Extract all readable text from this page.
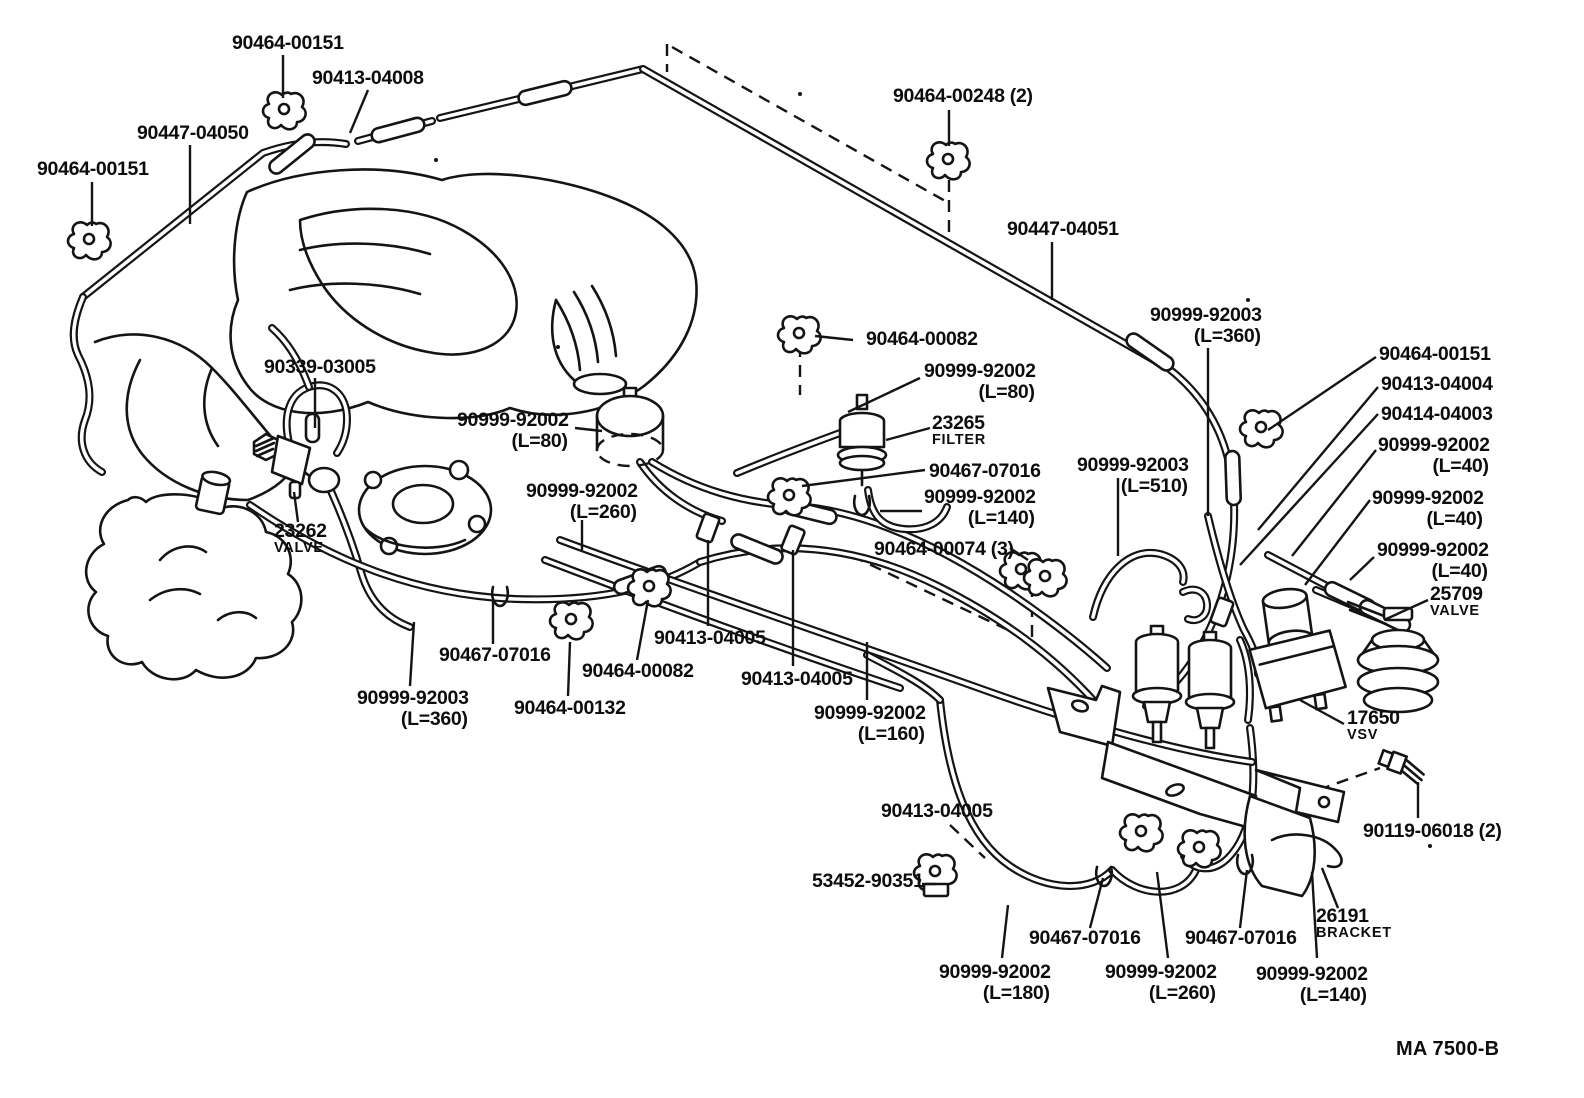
90464-00151
90413-04008
90447-04050
90464-00151
90464-00248 (2)
90447-04051
90999-92003
(L=360)
90464-00151
90413-04004
90414-04003
90999-92002
(L=40)
90999-92002
(L=40)
90999-92002
(L=40)
25709
VALVE
90464-00082
90999-92002
(L=80)
23265
FILTER
90467-07016
90999-92002
(L=140)
90464-00074 (3)
90999-92003
(L=510)
90339-03005
90999-92002
(L=80)
90999-92002
(L=260)
23262
VALVE
90467-07016
90464-00082
90413-04005
90413-04005
90999-92003
(L=360) 90464-00132	90999-92002
(L=160)
90413-04005
53452-90351
90467-07016 90467-07016
90999-92002
(L=180)
90999-92002
(L=260)
90999-92002
(L=140)
17650
VSV
90119-06018 (2)
26191
BRACKET
MA 7500-B
